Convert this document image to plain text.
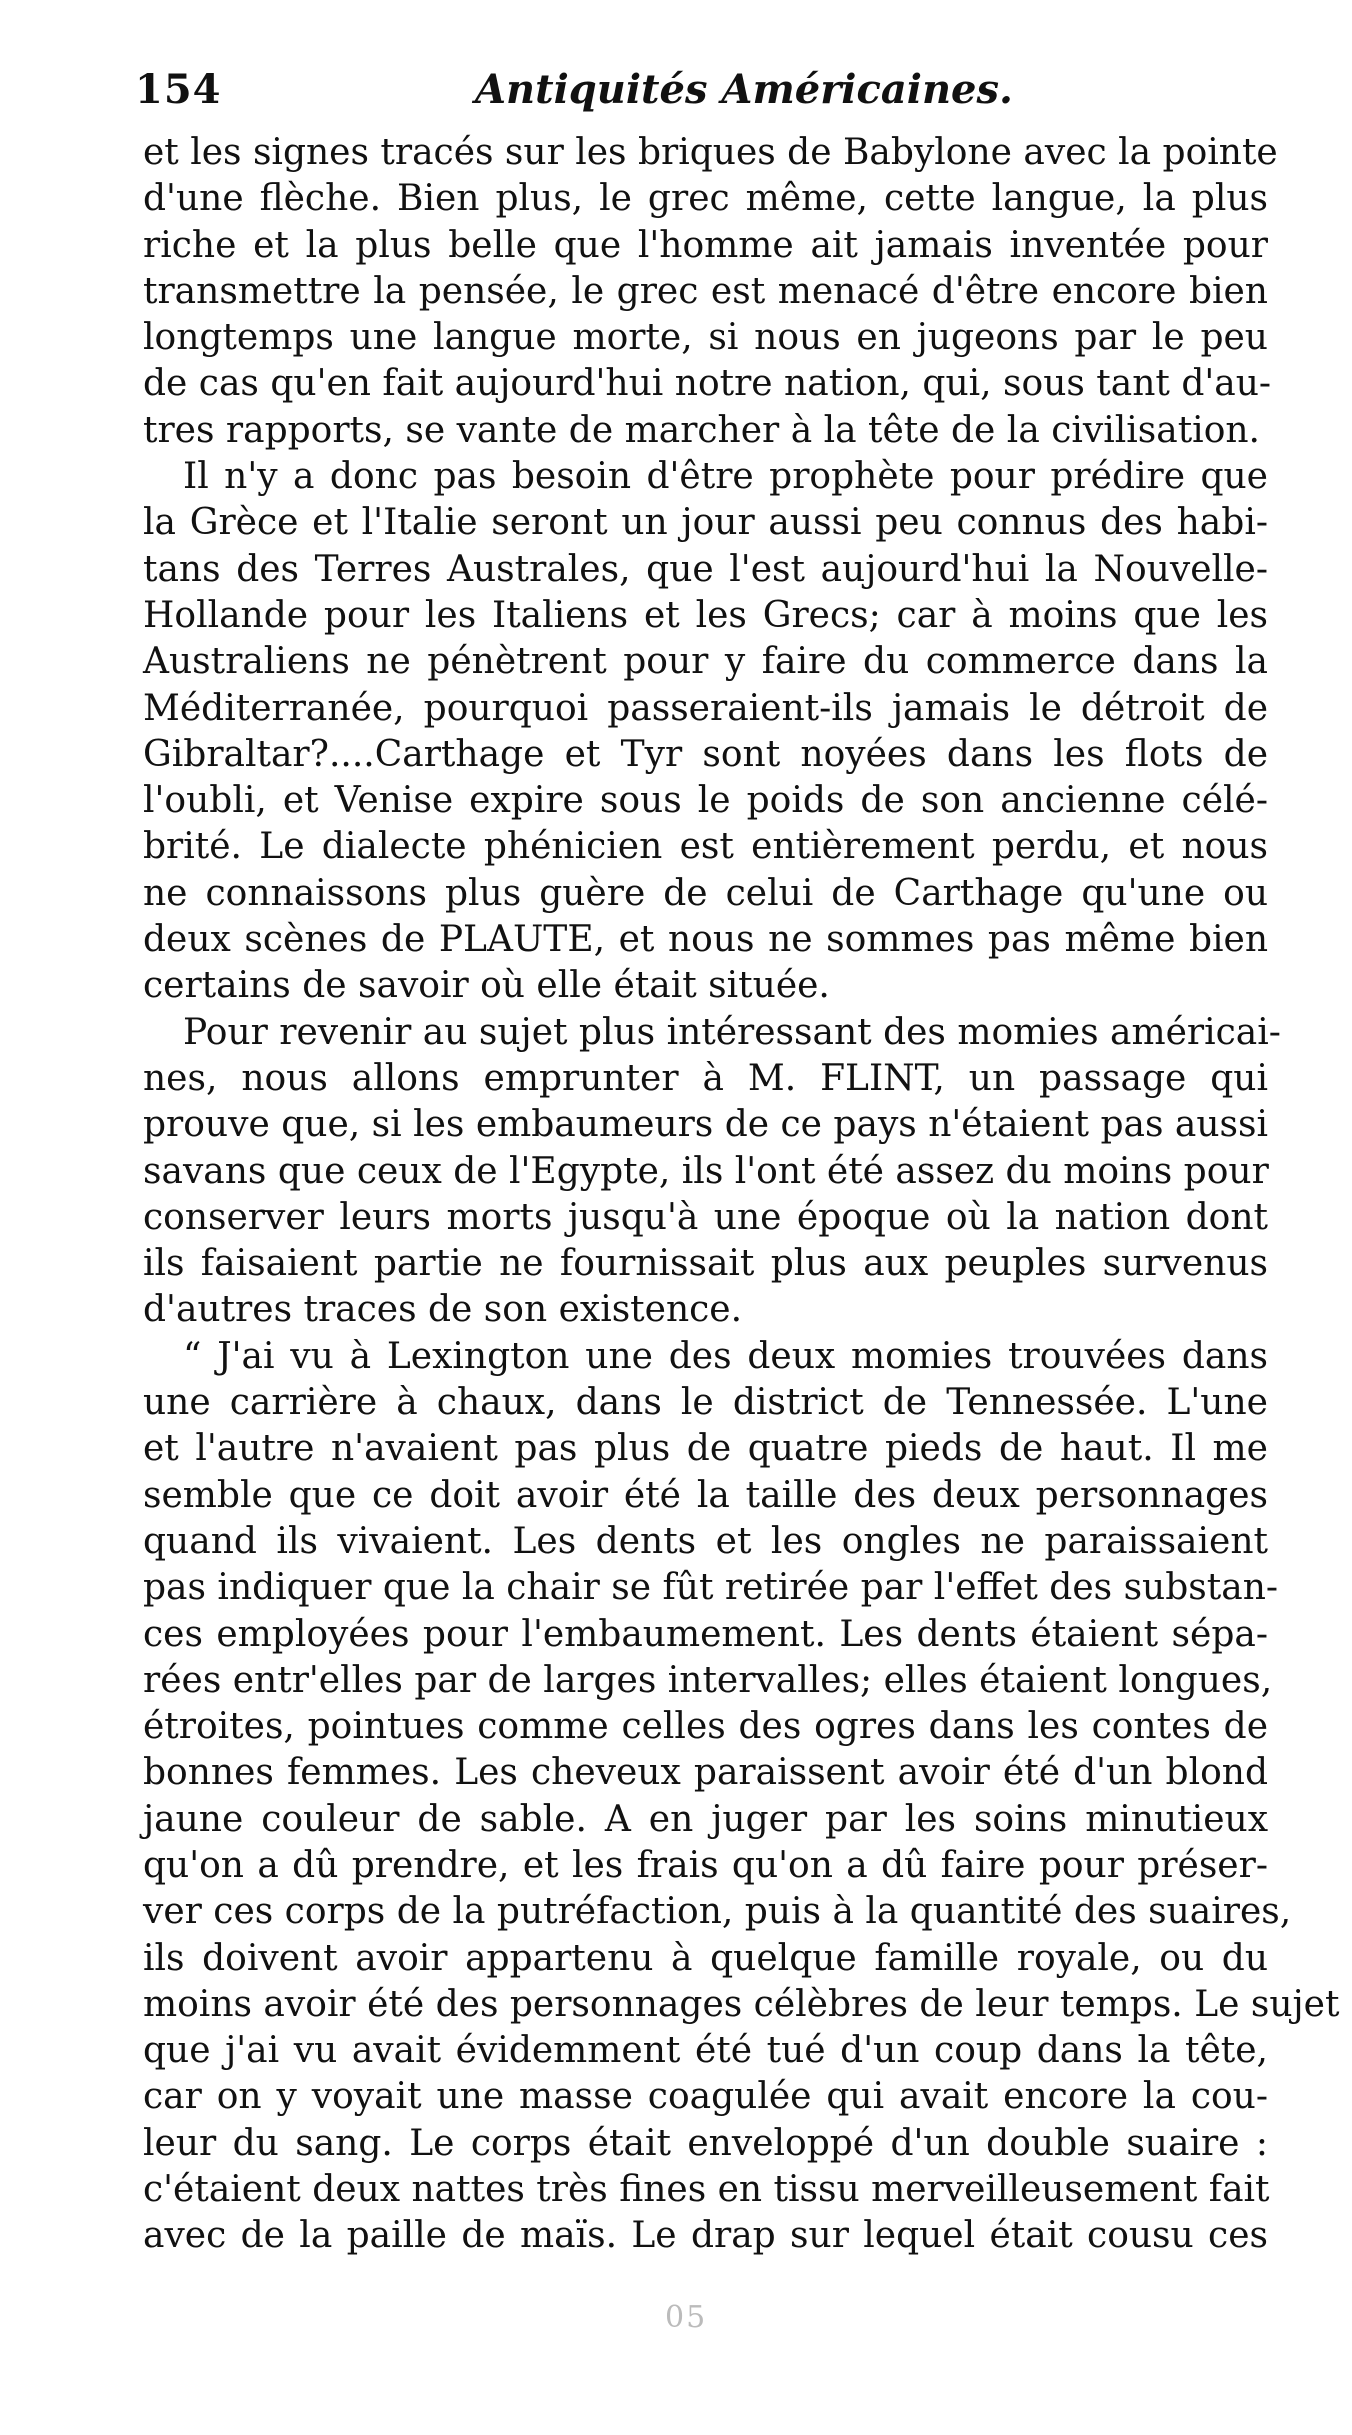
154	Antiquités Américaines.
et les signes tracés sur les briques de Babylone avec la pointe
d'une flèche. Bien plus, le grec même, cette langue, la plus
riche et la plus belle que l'homme ait jamais inventée pour
transmettre la pensée, le grec est menacé d'être encore bien
longtemps une langue morte, si nous en jugeons par le peu
de cas qu'en fait aujourd'hui notre nation, qui, sous tant d'au-
tres rapports, se vante de marcher à la tête de la civilisation.
Il n'y a donc pas besoin d'être prophète pour prédire que
la Grèce et l'Italie seront un jour aussi peu connus des habi-
tans des Terres Australes, que l'est aujourd'hui la Nouvelle-
Hollande pour les Italiens et les Grecs; car à moins que les
Australiens ne pénètrent pour y faire du commerce dans la
Méditerranée, pourquoi passeraient-ils jamais le détroit de
Gibraltar?....Carthage et Tyr sont noyées dans les flots de
l'oubli, et Venise expire sous le poids de son ancienne célé-
brité. Le dialecte phénicien est entièrement perdu, et nous
ne connaissons plus guère de celui de Carthage qu'une ou
deux scènes de PLAUTE, et nous ne sommes pas même bien
certains de savoir où elle était située.
Pour revenir au sujet plus intéressant des momies américai-
nes, nous allons emprunter à M. FLINT, un passage qui
prouve que, si les embaumeurs de ce pays n'étaient pas aussi
savans que ceux de l'Egypte, ils l'ont été assez du moins pour
conserver leurs morts jusqu'à une époque où la nation dont
ils faisaient partie ne fournissait plus aux peuples survenus
d'autres traces de son existence.
“ J'ai vu à Lexington une des deux momies trouvées dans
une carrière à chaux, dans le district de Tennessée. L'une
et l'autre n'avaient pas plus de quatre pieds de haut. Il me
semble que ce doit avoir été la taille des deux personnages
quand ils vivaient. Les dents et les ongles ne paraissaient
pas indiquer que la chair se fût retirée par l'effet des substan-
ces employées pour l'embaumement. Les dents étaient sépa-
rées entr'elles par de larges intervalles; elles étaient longues,
étroites, pointues comme celles des ogres dans les contes de
bonnes femmes. Les cheveux paraissent avoir été d'un blond
jaune couleur de sable. A en juger par les soins minutieux
qu'on a dû prendre, et les frais qu'on a dû faire pour préser-
ver ces corps de la putréfaction, puis à la quantité des suaires,
ils doivent avoir appartenu à quelque famille royale, ou du
moins avoir été des personnages célèbres de leur temps. Le sujet
que j'ai vu avait évidemment été tué d'un coup dans la tête,
car on y voyait une masse coagulée qui avait encore la cou-
leur du sang. Le corps était enveloppé d'un double suaire :
c'étaient deux nattes très fines en tissu merveilleusement fait
avec de la paille de maïs. Le drap sur lequel était cousu ces
05
